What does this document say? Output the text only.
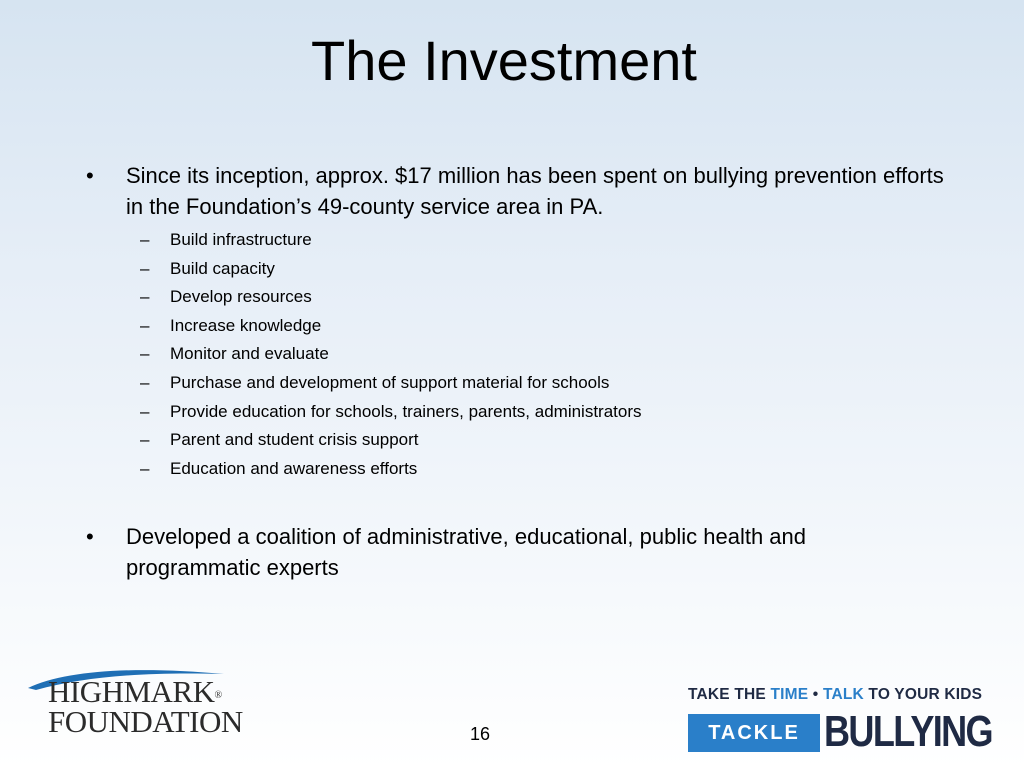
The Investment
• Since its inception, approx. $17 million has been spent on bullying prevention efforts in the Foundation’s 49-county service area in PA.
– Build infrastructure
– Build capacity
– Develop resources
– Increase knowledge
– Monitor and evaluate
– Purchase and development of support material for schools
– Provide education for schools, trainers, parents, administrators
– Parent and student crisis support
– Education and awareness efforts
• Developed a coalition of administrative, educational, public health and programmatic experts
HIGHMARK®
FOUNDATION	16
TAKE THE TIME • TALK TO YOUR KIDS
TACKLE BULLYING
